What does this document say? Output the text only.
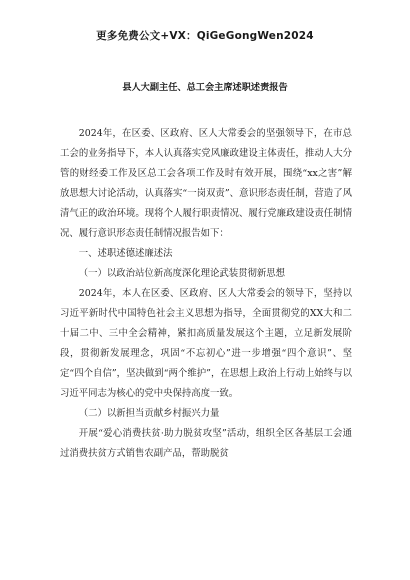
更多免费公文+VX：QiGeGongWen2024
县人大副主任、总工会主席述职述责报告

2024年，在区委、区政府、区人大常委会的坚强领导下，在市总工会的业务指导下，本人认真落实党风廉政建设主体责任，推动人大分管的财经委工作及区总工会各项工作及时有效开展，围绕“xx之害”解放思想大讨论活动，认真落实“一岗双责”、意识形态责任制，营造了风清气正的政治环境。现将个人履行职责情况、履行党廉政建设责任制情况、履行意识形态责任制情况报告如下：

一、述职述德述廉述法

（一）以政治站位新高度深化理论武装贯彻新思想

2024年，本人在区委、区政府、区人大常委会的领导下，坚持以习近平新时代中国特色社会主义思想为指导，全面贯彻党的XX大和二十届二中、三中全会精神，紧扣高质量发展这个主题，立足新发展阶段，贯彻新发展理念，巩固“不忘初心”进一步增强“四个意识”、坚定“四个自信”，坚决做到“两个维护”，在思想上政治上行动上始终与以习近平同志为核心的党中央保持高度一致。

（二）以新担当贡献乡村振兴力量

开展“爱心消费扶贫·助力脱贫攻坚”活动，组织全区各基层工会通过消费扶贫方式销售农副产品，帮助脱贫
